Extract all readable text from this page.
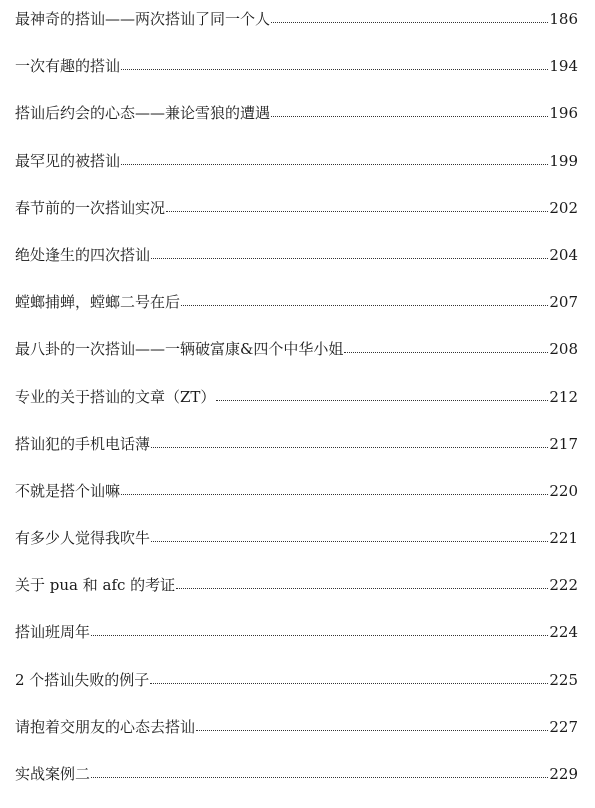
最神奇的搭讪——两次搭讪了同一个人	186
一次有趣的搭讪	194
搭讪后约会的心态——兼论雪狼的遭遇	196
最罕见的被搭讪	199
春节前的一次搭讪实况	202
绝处逢生的四次搭讪	204
螳螂捕蝉，螳螂二号在后	207
最八卦的一次搭讪——一辆破富康&四个中华小姐	208
专业的关于搭讪的文章（ZT）	212
搭讪犯的手机电话薄	217
不就是搭个讪嘛	220
有多少人觉得我吹牛	221
关于 pua 和 afc 的考证	222
搭讪班周年	224
2 个搭讪失败的例子	225
请抱着交朋友的心态去搭讪	227
实战案例二	229
